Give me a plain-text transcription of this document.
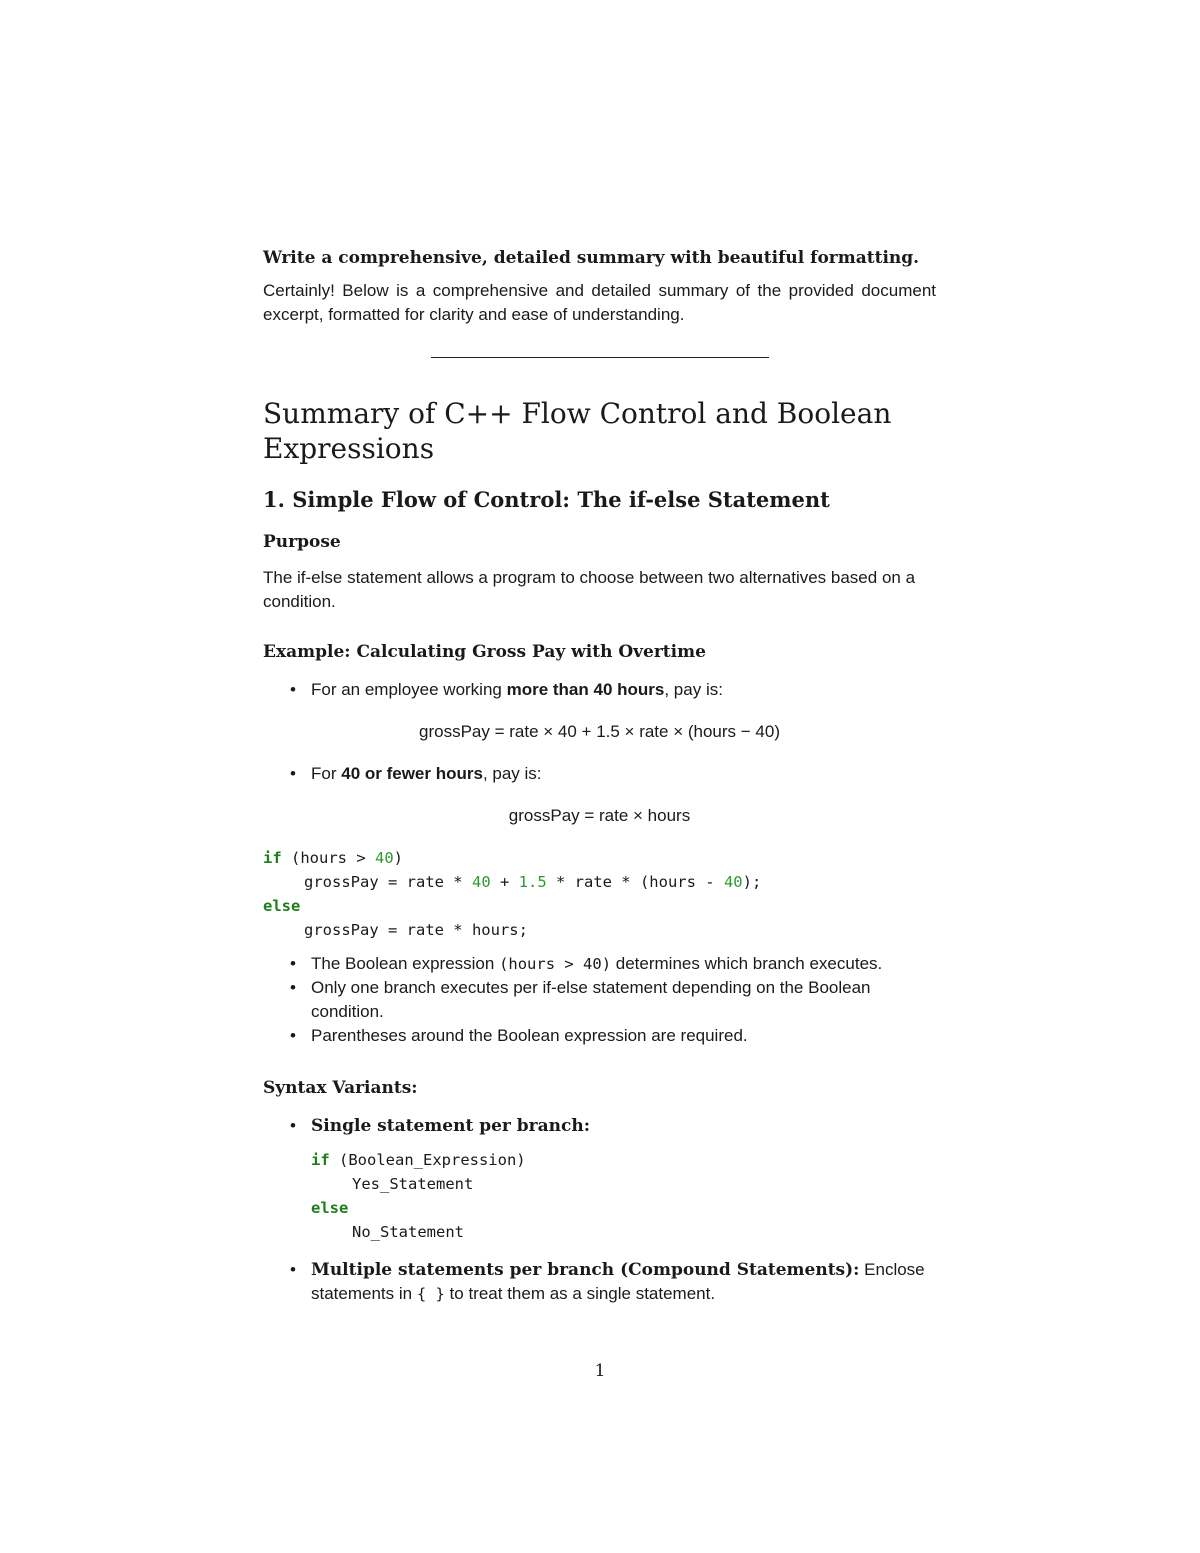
Write a comprehensive, detailed summary with beautiful formatting.

Certainly! Below is a comprehensive and detailed summary of the provided document excerpt, formatted for clarity and ease of understanding.

Summary of C++ Flow Control and Boolean Expressions
1. Simple Flow of Control: The if-else Statement
Purpose

The if-else statement allows a program to choose between two alternatives based on a condition.

Example: Calculating Gross Pay with Overtime
• For an employee working more than 40 hours, pay is:
grossPay = rate × 40 + 1.5 × rate × (hours − 40)
• For 40 or fewer hours, pay is:
grossPay = rate × hours
if (hours > 40)
grossPay = rate * 40 + 1.5 * rate * (hours - 40);
else
grossPay = rate * hours;
• The Boolean expression (hours > 40) determines which branch executes.
• Only one branch executes per if-else statement depending on the Boolean condition.
• Parentheses around the Boolean expression are required.
Syntax Variants:
• Single statement per branch:
if (Boolean_Expression)
Yes_Statement
else
No_Statement
• Multiple statements per branch (Compound Statements): Enclose statements in { } to treat them as a single statement.
1
